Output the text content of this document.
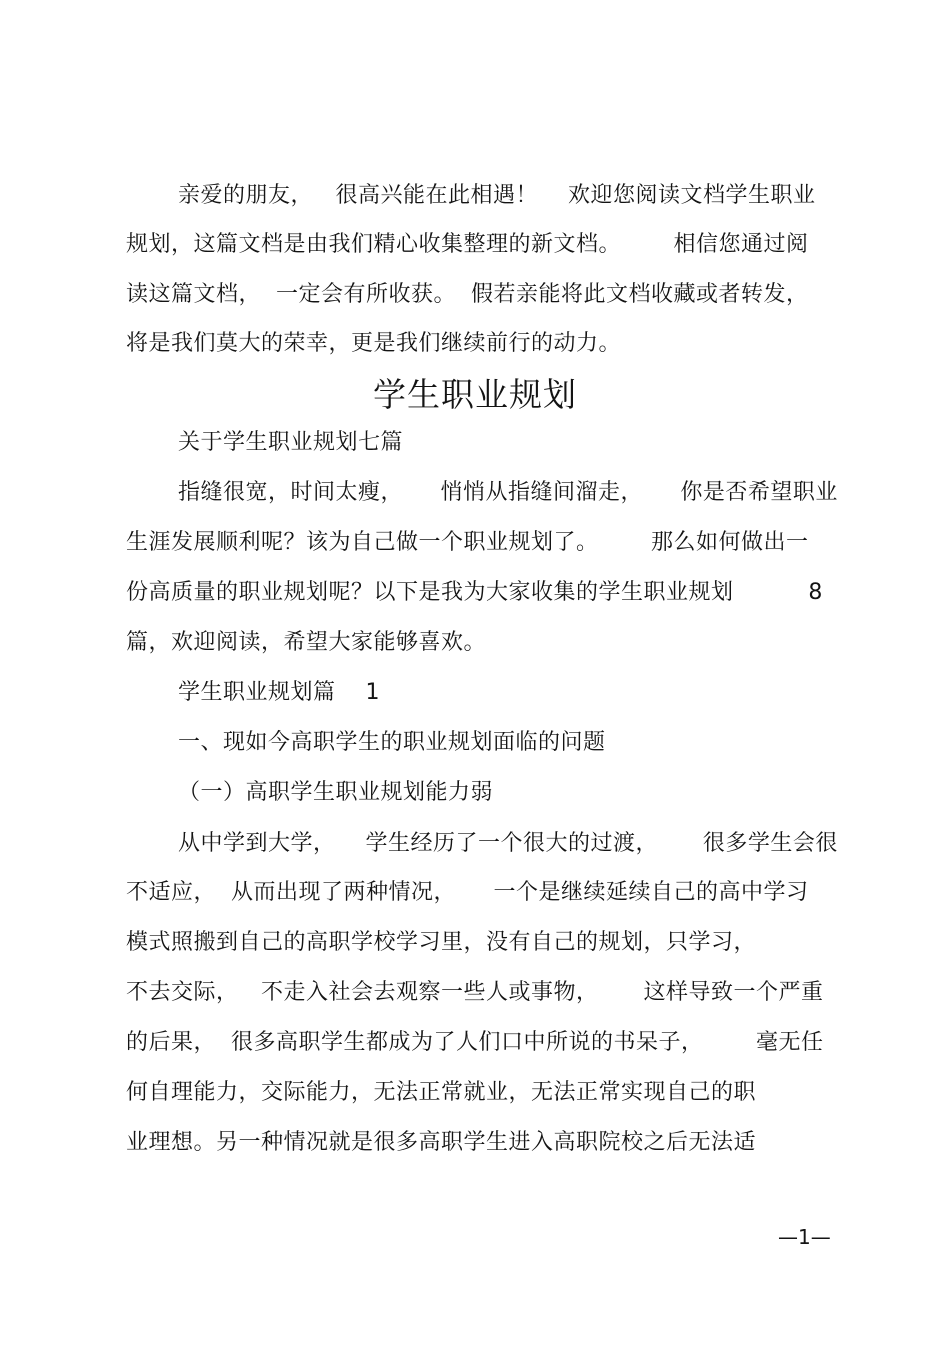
亲爱的朋友，   很高兴能在此相遇！    欢迎您阅读文档学生职业
规划，这篇文档是由我们精心收集整理的新文档。       相信您通过阅
读这篇文档，  一定会有所收获。  假若亲能将此文档收藏或者转发，
将是我们莫大的荣幸，更是我们继续前行的动力。
学生职业规划
关于学生职业规划七篇
指缝很宽，时间太瘦，     悄悄从指缝间溜走，     你是否希望职业
生涯发展顺利呢？该为自己做一个职业规划了。       那么如何做出一
份高质量的职业规划呢？以下是我为大家收集的学生职业规划          8
篇，欢迎阅读，希望大家能够喜欢。
学生职业规划篇    1
一、现如今高职学生的职业规划面临的问题
（一）高职学生职业规划能力弱
从中学到大学，    学生经历了一个很大的过渡，      很多学生会很
不适应，  从而出现了两种情况，     一个是继续延续自己的高中学习
模式照搬到自己的高职学校学习里，没有自己的规划，只学习，
不去交际，   不走入社会去观察一些人或事物，      这样导致一个严重
的后果，  很多高职学生都成为了人们口中所说的书呆子，       毫无任
何自理能力，交际能力，无法正常就业，无法正常实现自己的职
业理想。另一种情况就是很多高职学生进入高职院校之后无法适
—1—
